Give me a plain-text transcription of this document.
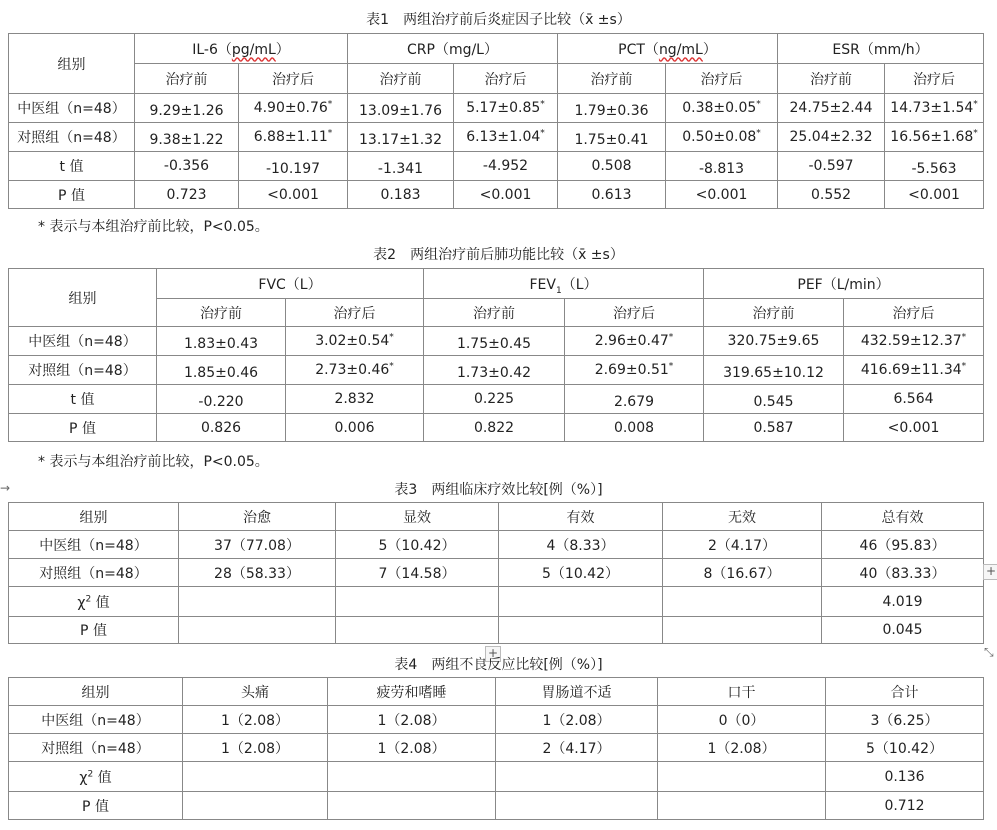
表1　两组治疗前后炎症因子比较（x̄ ±s）
组别	IL-6（pg/mL）		CRP（mg/L）		PCT（ng/mL）		ESR（mm/h）	
	治疗前	治疗后	治疗前	治疗后	治疗前	治疗后	治疗前	治疗后
中医组（n=48）	9.29±1.26	4.90±0.76*	13.09±1.76	5.17±0.85*	1.79±0.36	0.38±0.05*	24.75±2.44	14.73±1.54*
对照组（n=48）	9.38±1.22	6.88±1.11*	13.17±1.32	6.13±1.04*	1.75±0.41	0.50±0.08*	25.04±2.32	16.56±1.68*
t 值	-0.356	-10.197	-1.341	-4.952	0.508	-8.813	-0.597	-5.563
P 值	0.723	<0.001	0.183	<0.001	0.613	<0.001	0.552	<0.001
* 表示与本组治疗前比较，P<0.05。
表2　两组治疗前后肺功能比较（x̄ ±s）
组别	FVC（L）		$FEV_1(L)$		PEF（L/min）	
	治疗前	治疗后	治疗前	治疗后	治疗前	治疗后
中医组（n=48）	1.83±0.43	3.02±0.54*	1.75±0.45	2.96±0.47*	320.75±9.65	432.59±12.37*
对照组（n=48）	1.85±0.46	2.73±0.46*	1.73±0.42	2.69±0.51*	319.65±10.12	416.69±11.34*
t 值	-0.220	2.832	0.225	2.679	0.545	6.564
P 值	0.826	0.006	0.822	0.008	0.587	<0.001
* 表示与本组治疗前比较，P<0.05。
→	表3　两组临床疗效比较[例（%）]
组别	治愈	显效	有效	无效	总有效
中医组（n=48）	37（77.08）	5（10.42）	4（8.33）	2（4.17）	46（95.83）
对照组（n=48）	28（58.33）	7（14.58）	5（10.42）	8（16.67）	40（83.33）
$\chi^2$ 值					4.019
P 值					0.045
+
+	⤡
表4　两组不良反应比较[例（%）]
组别	头痛	疲劳和嗜睡	胃肠道不适	口干	合计
中医组（n=48）	1（2.08）	1（2.08）	1（2.08）	0（0）	3（6.25）
对照组（n=48）	1（2.08）	1（2.08）	2（4.17）	1（2.08）	5（10.42）
$\chi^2$ 值					0.136
P 值					0.712
